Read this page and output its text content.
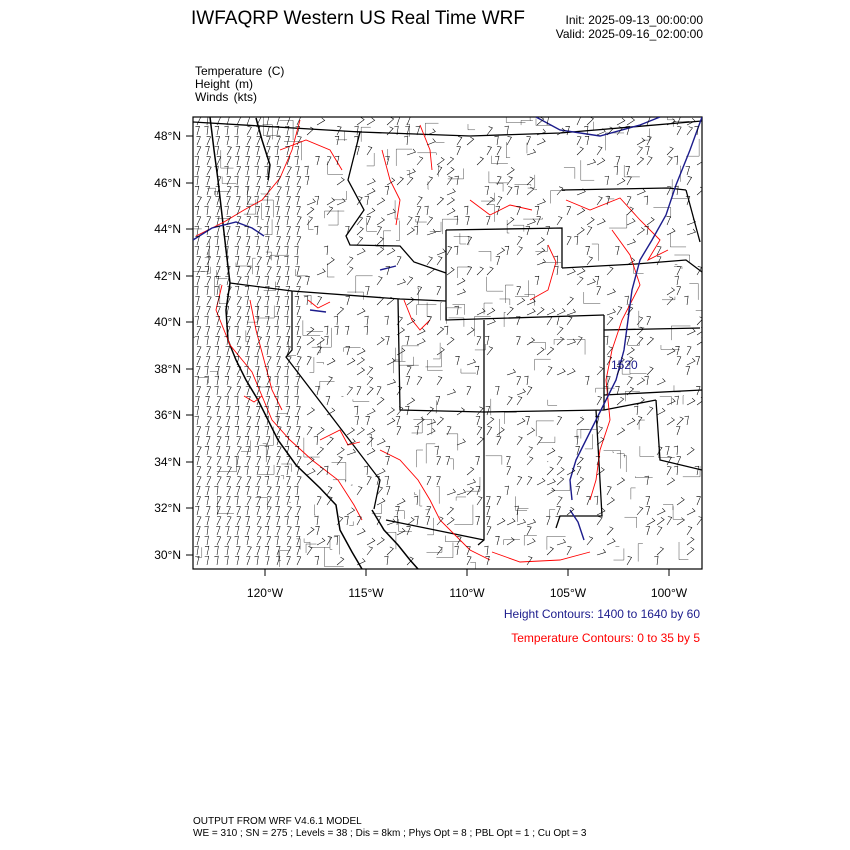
IWFAQRP Western US Real Time WRF	Init: 2025-09-13_00:00:00
Valid: 2025-09-16_02:00:00
Temperature (C)
Height (m)
Winds (kts)
1520
48°N
46°N
44°N
42°N
40°N
38°N
36°N
34°N
32°N
30°N
120°W	115°W	110°W	105°W	100°W
Height Contours: 1400 to 1640 by 60
Temperature Contours: 0 to 35 by 5
OUTPUT FROM WRF V4.6.1 MODEL
WE = 310 ; SN = 275 ; Levels = 38 ; Dis = 8km ; Phys Opt = 8 ; PBL Opt = 1 ; Cu Opt = 3
